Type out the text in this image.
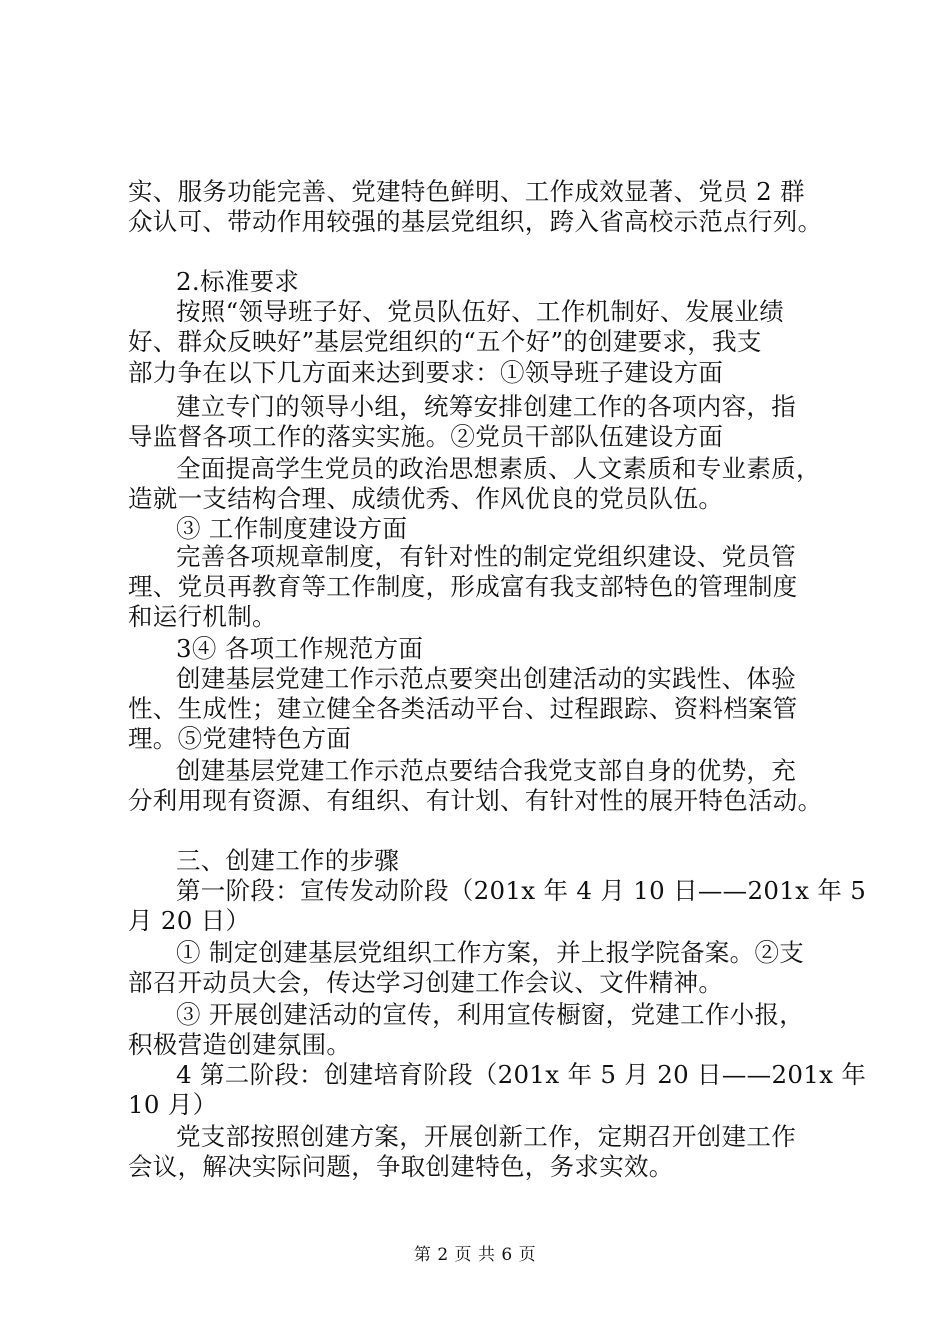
实、服务功能完善、党建特色鲜明、工作成效显著、党员 2 群
众认可、带动作用较强的基层党组织，跨入省高校示范点行列。
2.标准要求
按照“领导班子好、党员队伍好、工作机制好、发展业绩
好、群众反映好”基层党组织的“五个好”的创建要求，我支
部力争在以下几方面来达到要求：①领导班子建设方面
建立专门的领导小组，统筹安排创建工作的各项内容，指
导监督各项工作的落实实施。②党员干部队伍建设方面
全面提高学生党员的政治思想素质、人文素质和专业素质，
造就一支结构合理、成绩优秀、作风优良的党员队伍。
③ 工作制度建设方面
完善各项规章制度，有针对性的制定党组织建设、党员管
理、党员再教育等工作制度，形成富有我支部特色的管理制度
和运行机制。
3④ 各项工作规范方面
创建基层党建工作示范点要突出创建活动的实践性、体验
性、生成性；建立健全各类活动平台、过程跟踪、资料档案管
理。⑤党建特色方面
创建基层党建工作示范点要结合我党支部自身的优势，充
分利用现有资源、有组织、有计划、有针对性的展开特色活动。
三、创建工作的步骤
第一阶段：宣传发动阶段（201x 年 4 月 10 日——201x 年 5
月 20 日）
① 制定创建基层党组织工作方案，并上报学院备案。②支
部召开动员大会，传达学习创建工作会议、文件精神。
③ 开展创建活动的宣传，利用宣传橱窗，党建工作小报，
积极营造创建氛围。
4 第二阶段：创建培育阶段（201x 年 5 月 20 日——201x 年
10 月）
党支部按照创建方案，开展创新工作，定期召开创建工作
会议，解决实际问题，争取创建特色，务求实效。
第 2 页 共 6 页
